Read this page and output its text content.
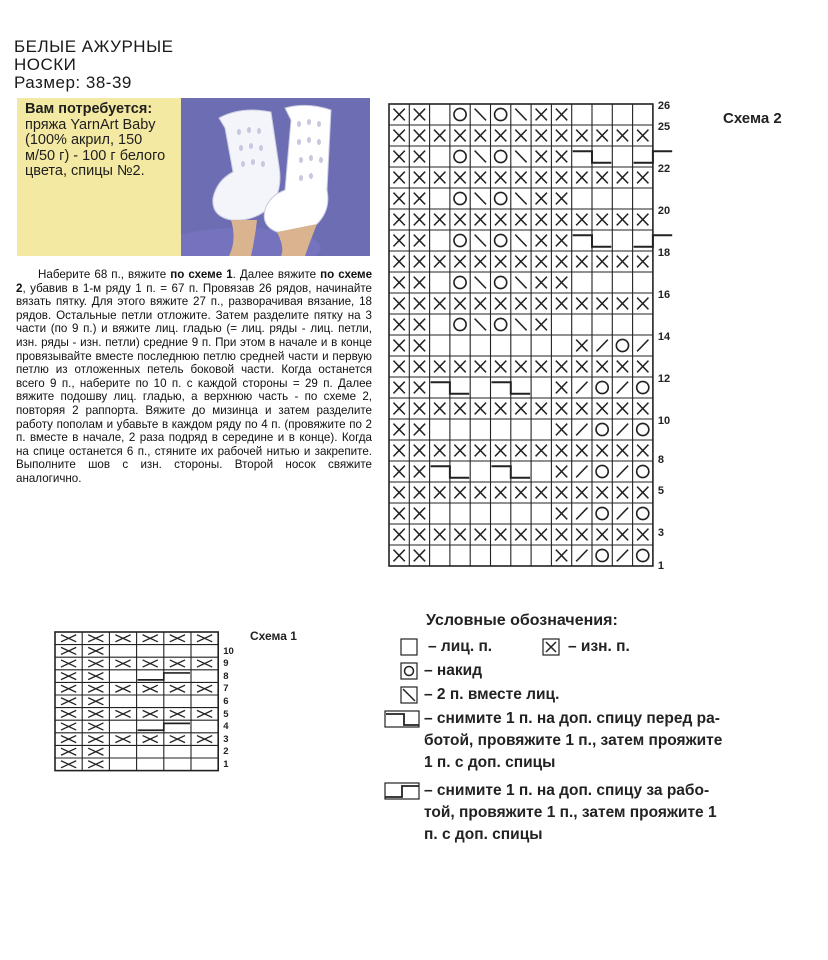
БЕЛЫЕ АЖУРНЫЕ
НОСКИ
Размер: 38-39
Вам потребуется:
пряжа YarnArt Baby (100% акрил, 150 м/50 г) - 100 г белого цвета, спицы №2.

Наберите 68 п., вяжите по схеме 1. Далее вяжите по схеме 2, убавив в 1-м ряду 1 п. = 67 п. Провязав 26 рядов, начинайте вязать пятку. Для этого вяжите 27 п., разворачивая вязание, 18 рядов. Остальные петли отложите. Затем разделите пятку на 3 части (по 9 п.) и вяжите лиц. гладью (= лиц. ряды - лиц. петли, изн. ряды - изн. петли) средние 9 п. При этом в начале и в конце провязывайте вместе последнюю петлю средней части и первую петлю из отложенных петель боковой части. Когда останется всего 9 п., наберите по 10 п. с каждой стороны = 29 п. Далее вяжите подошву лиц. гладью, а верхнюю часть - по схеме 2, повторяя 2 раппорта. Вяжите до мизинца и затем разделите работу пополам и убавьте в каждом ряду по 4 п. (провяжите по 2 п. вместе в начале, 2 раза подряд в середине и в конце). Когда на спице останется 6 п., стяните их рабочей нитью и закрепите. Выполните шов с изн. стороны. Второй носок свяжите аналогично.

Схема 2
26
25
22
20
18
16
14
12
10
8
5
3
1
Схема 1
10
9
8
7
6
5
4
3
2
1
Условные обозначения:
– лиц. п.	– изн. п.
– накид
– 2 п. вместе лиц.
– снимите 1 п. на доп. спицу перед ра-
ботой, провяжите 1 п., затем прояжите
1 п. с доп. спицы
– снимите 1 п. на доп. спицу за рабо-
той, провяжите 1 п., затем прояжите 1
п. с доп. спицы
